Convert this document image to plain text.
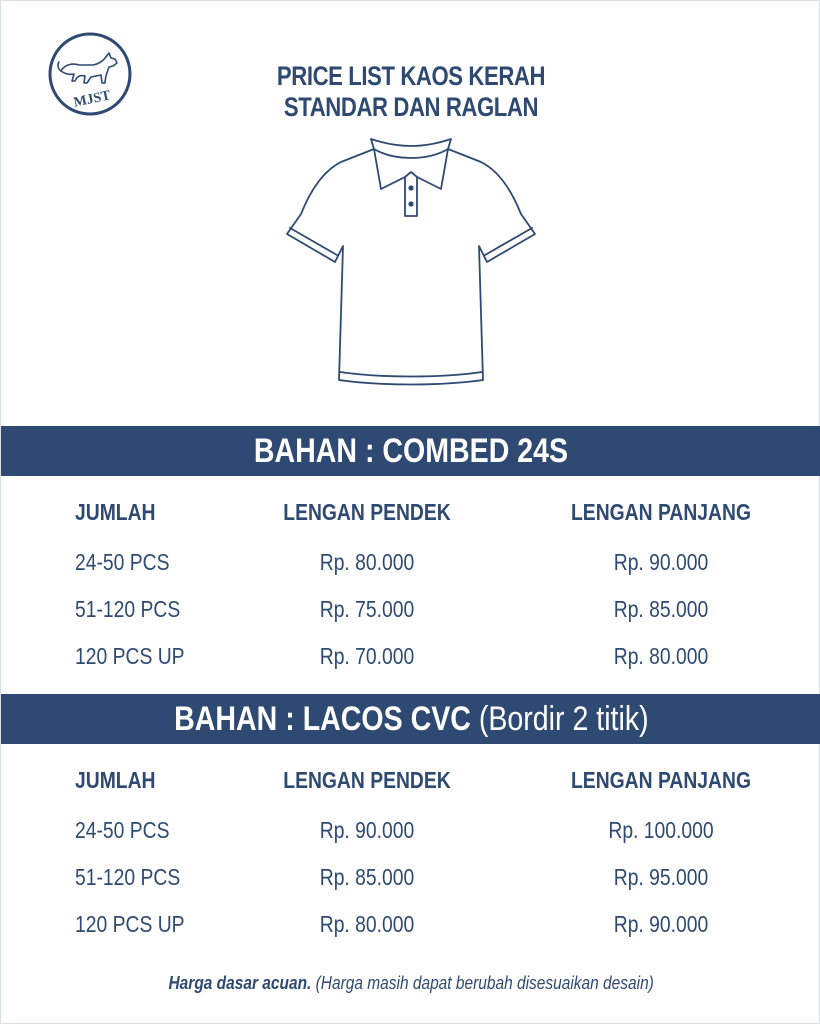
MJST
PRICE LIST KAOS KERAH
STANDAR DAN RAGLAN
BAHAN : COMBED 24S
JUMLAH	LENGAN PENDEK	LENGAN PANJANG
24-50 PCS	Rp. 80.000	Rp. 90.000
51-120 PCS	Rp. 75.000	Rp. 85.000
120 PCS UP	Rp. 70.000	Rp. 80.000
BAHAN : LACOS CVC (Bordir 2 titik)
JUMLAH	LENGAN PENDEK	LENGAN PANJANG
24-50 PCS	Rp. 90.000	Rp. 100.000
51-120 PCS	Rp. 85.000	Rp. 95.000
120 PCS UP	Rp. 80.000	Rp. 90.000
Harga dasar acuan. (Harga masih dapat berubah disesuaikan desain)
